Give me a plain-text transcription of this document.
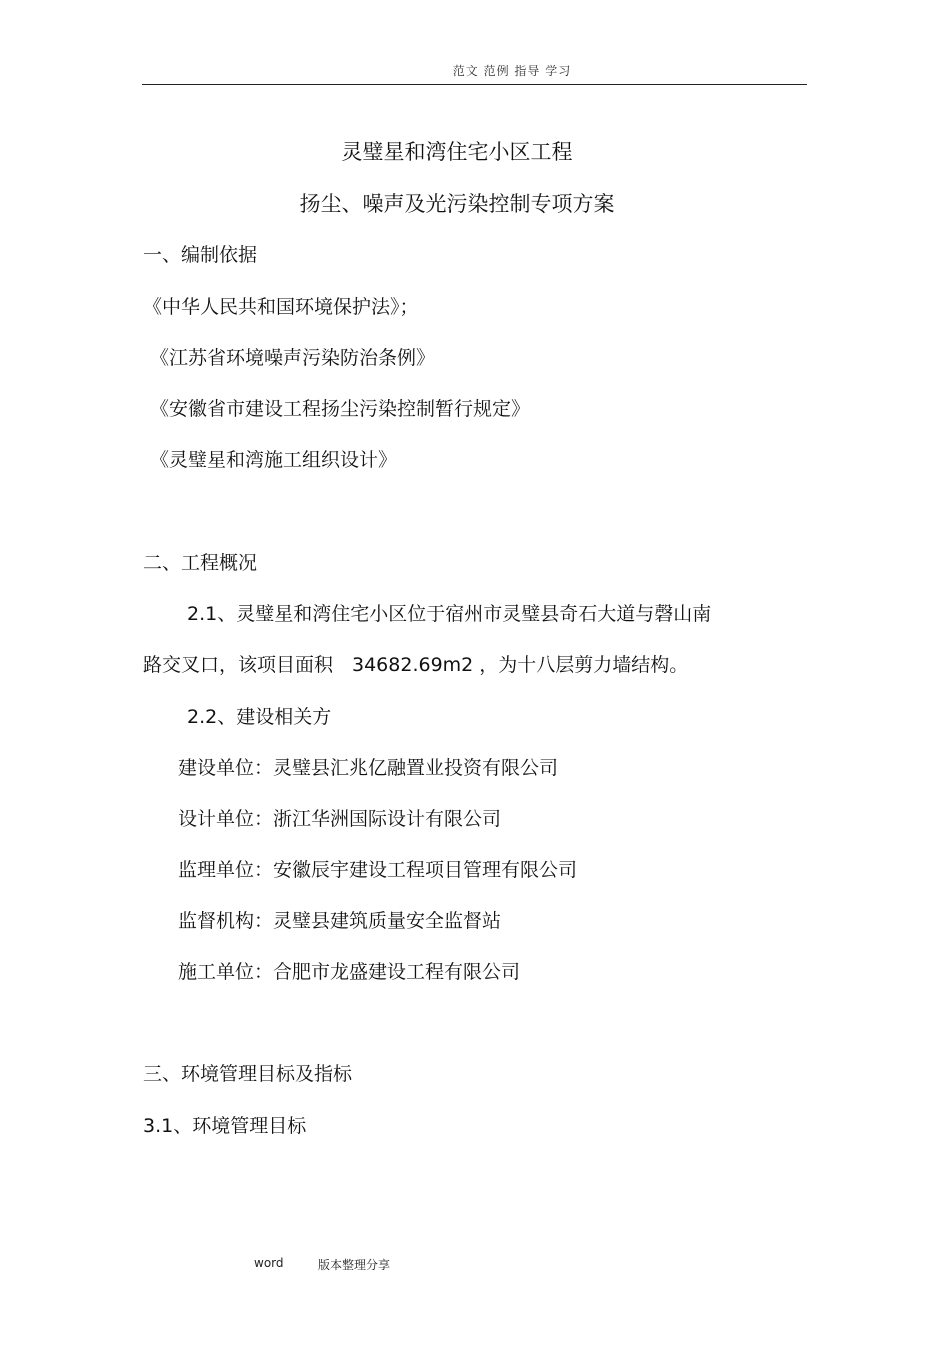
范文 范例 指导 学习
灵璧星和湾住宅小区工程
扬尘、噪声及光污染控制专项方案
一、编制依据
《中华人民共和国环境保护法》；
《江苏省环境噪声污染防治条例》
《安徽省市建设工程扬尘污染控制暂行规定》
《灵璧星和湾施工组织设计》
二、工程概况
2.1、灵璧星和湾住宅小区位于宿州市灵璧县奇石大道与磬山南
路交叉口，该项目面积　34682.69m2 ，为十八层剪力墙结构。
2.2、建设相关方
建设单位：灵璧县汇兆亿融置业投资有限公司
设计单位：浙江华洲国际设计有限公司
监理单位：安徽辰宇建设工程项目管理有限公司
监督机构：灵璧县建筑质量安全监督站
施工单位：合肥市龙盛建设工程有限公司
三、环境管理目标及指标
3.1、环境管理目标
word	版本整理分享
